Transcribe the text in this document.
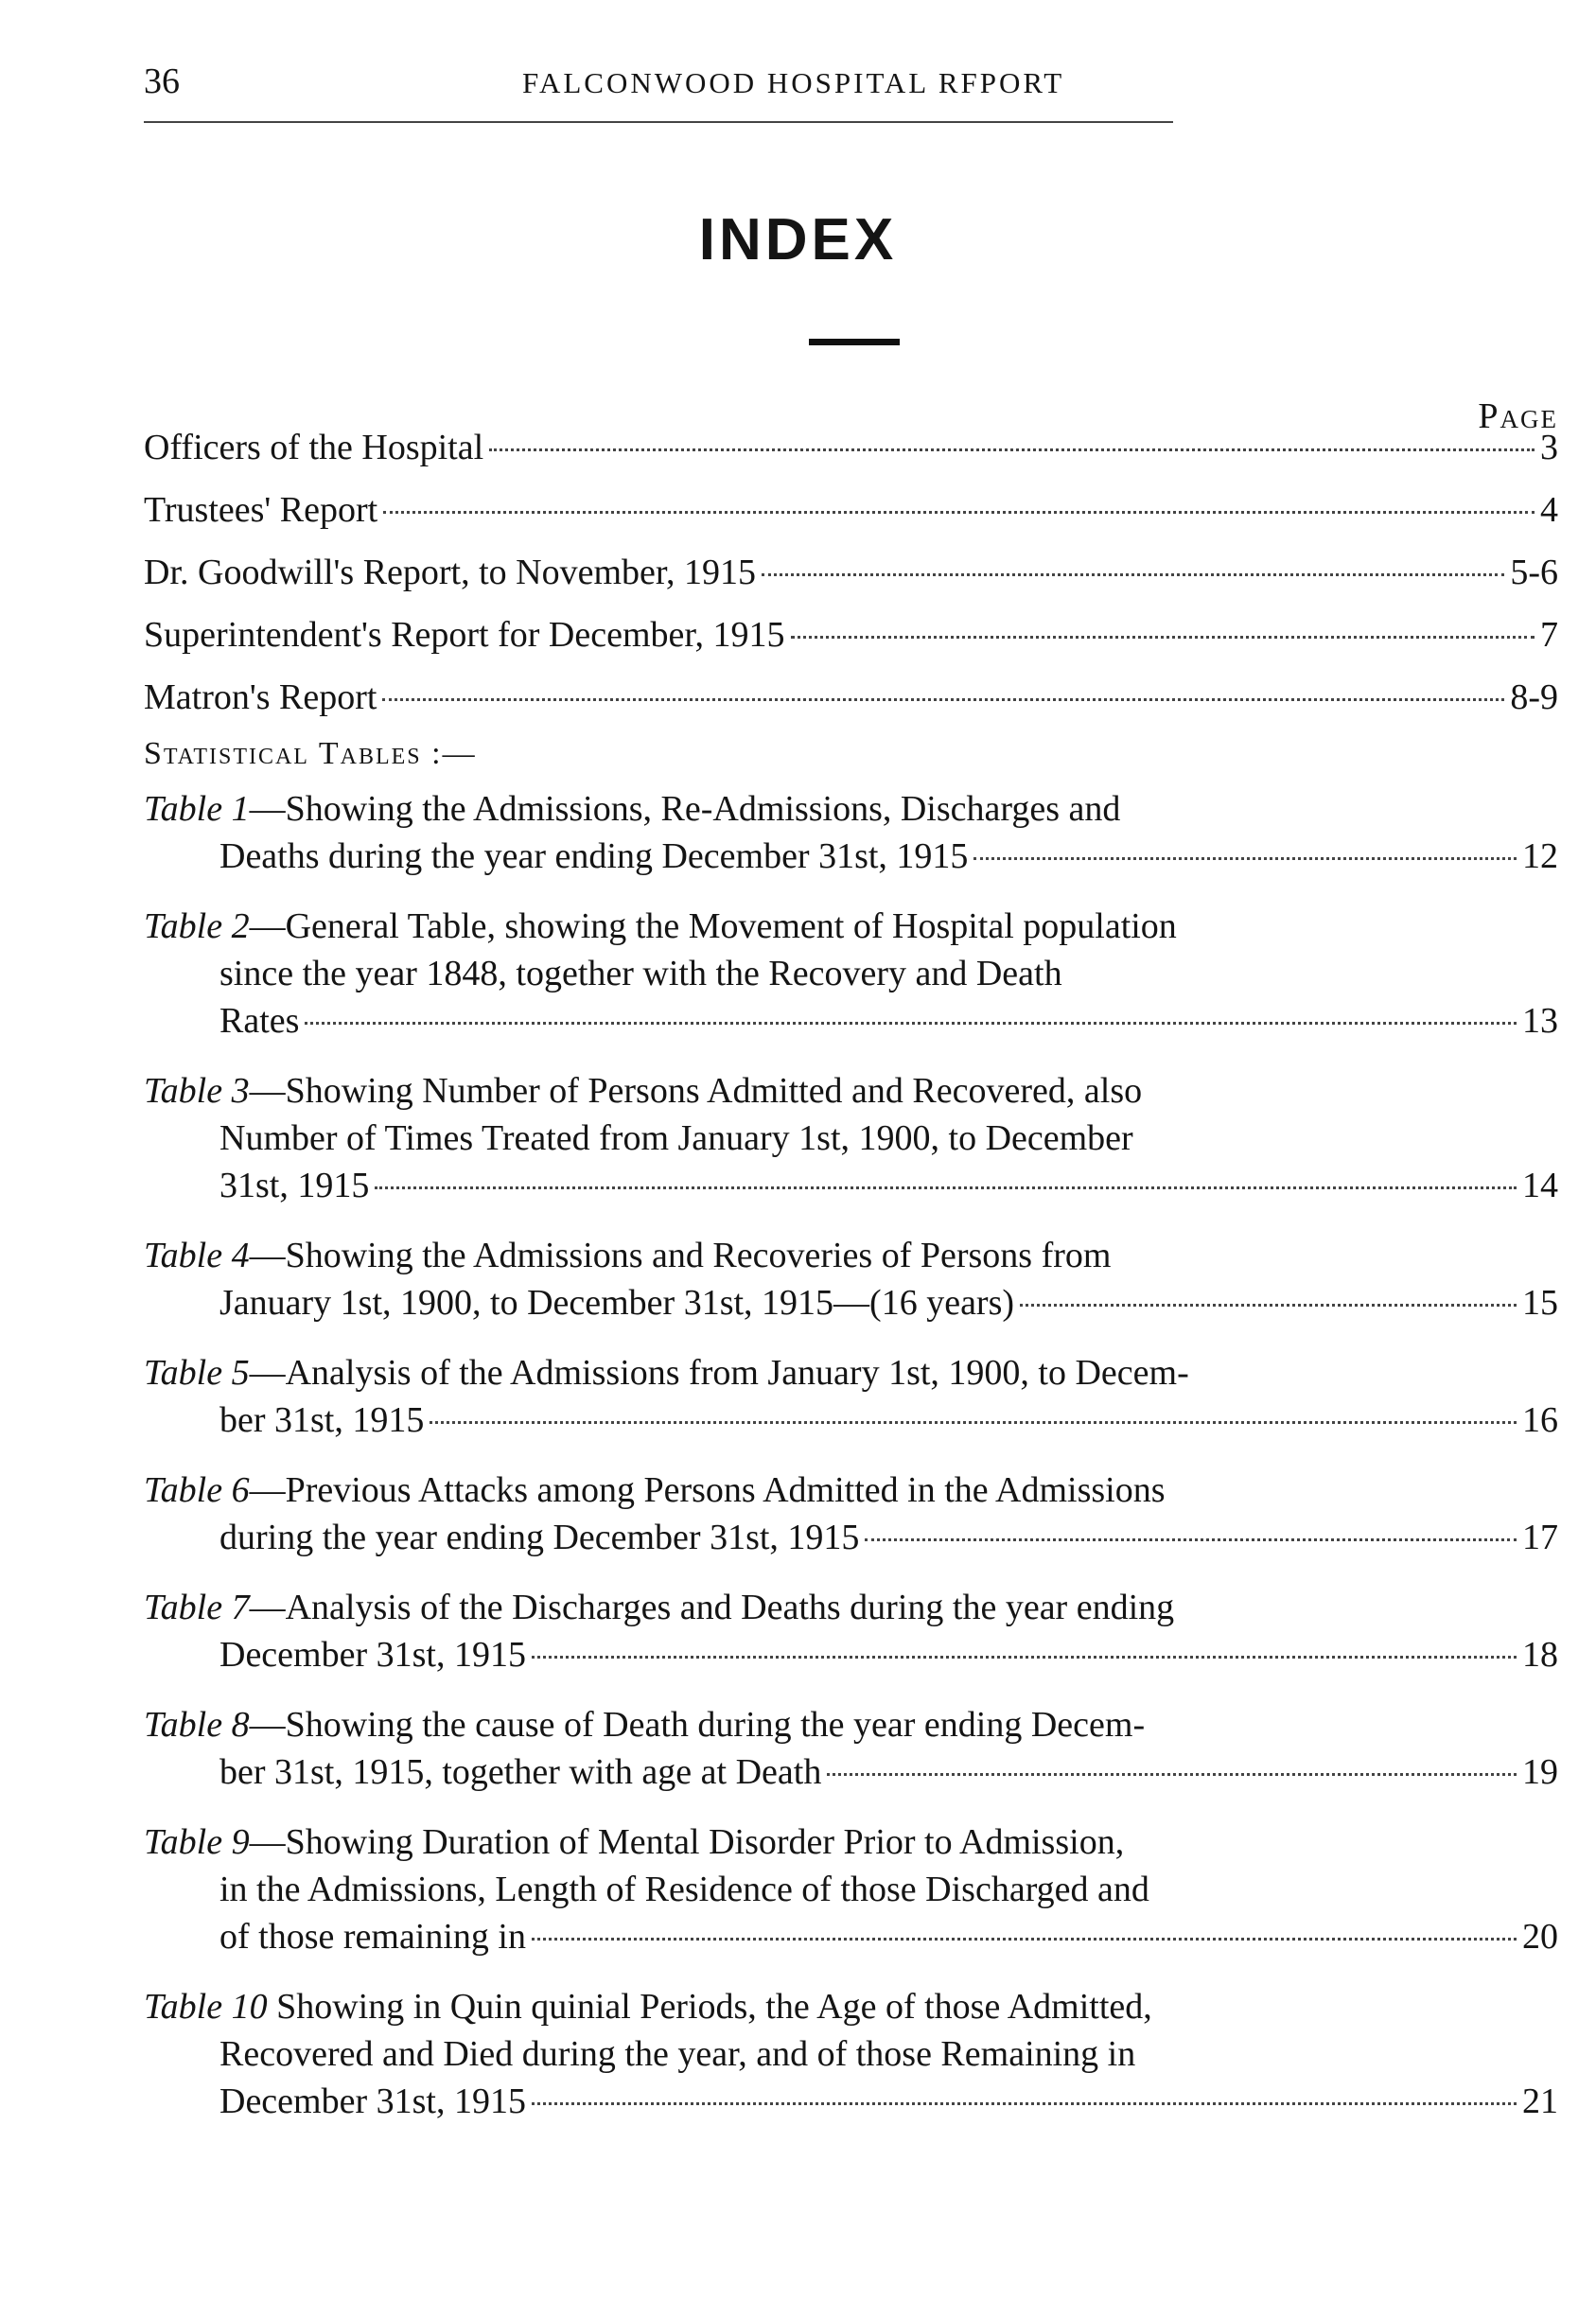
36	FALCONWOOD HOSPITAL RFPORT
INDEX
Page
Officers of the Hospital	3
Trustees' Report	4
Dr. Goodwill's Report, to November, 1915	5-6
Superintendent's Report for December, 1915	7
Matron's Report	8-9
Statistical Tables :—
Table 1—Showing the Admissions, Re-Admissions, Discharges and
Deaths during the year ending December 31st, 1915	12
Table 2—General Table, showing the Movement of Hospital population
since the year 1848, together with the Recovery and Death
Rates	13
Table 3—Showing Number of Persons Admitted and Recovered, also
Number of Times Treated from January 1st, 1900, to December
31st, 1915	14
Table 4—Showing the Admissions and Recoveries of Persons from
January 1st, 1900, to December 31st, 1915—(16 years)	15
Table 5—Analysis of the Admissions from January 1st, 1900, to Decem-
ber 31st, 1915	16
Table 6—Previous Attacks among Persons Admitted in the Admissions
during the year ending December 31st, 1915	17
Table 7—Analysis of the Discharges and Deaths during the year ending
December 31st, 1915	18
Table 8—Showing the cause of Death during the year ending Decem-
ber 31st, 1915, together with age at Death	19
Table 9—Showing Duration of Mental Disorder Prior to Admission,
in the Admissions, Length of Residence of those Discharged and
of those remaining in	20
Table 10 Showing in Quin quinial Periods, the Age of those Admitted,
Recovered and Died during the year, and of those Remaining in
December 31st, 1915	21
